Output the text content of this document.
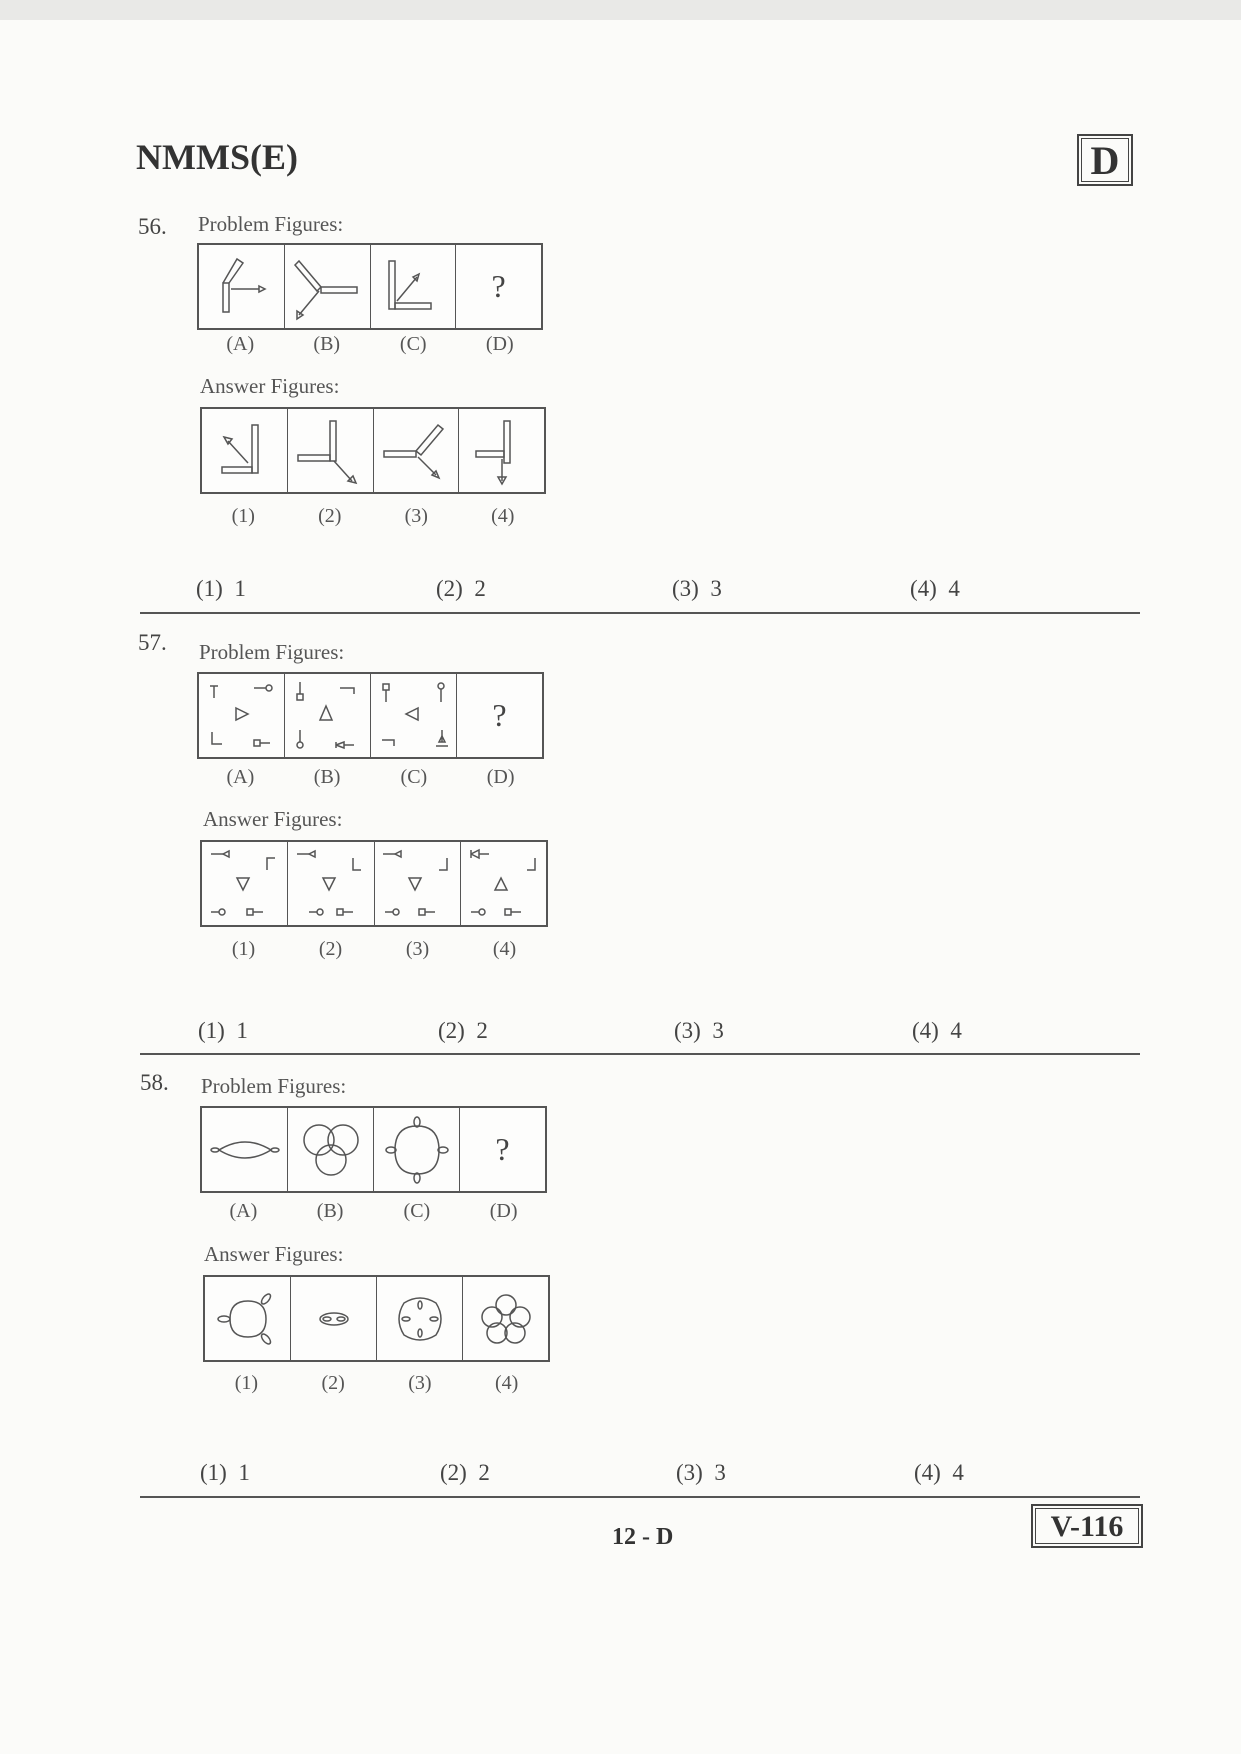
NMMS(E)	D
56. Problem Figures:
?
(A)	(B)	(C)	(D)
Answer Figures:
(1)	(2)	(3)	(4)
(1) 1	(2) 2	(3) 3	(4) 4
57. Problem Figures:
?
(A)	(B)	(C)	(D)
Answer Figures:
(1)	(2)	(3)	(4)
(1) 1	(2) 2	(3) 3	(4) 4
58. Problem Figures:
?
(A)	(B)	(C)	(D)
Answer Figures:
(1)	(2)	(3)	(4)
(1) 1	(2) 2	(3) 3	(4) 4
12 - D	V-116
